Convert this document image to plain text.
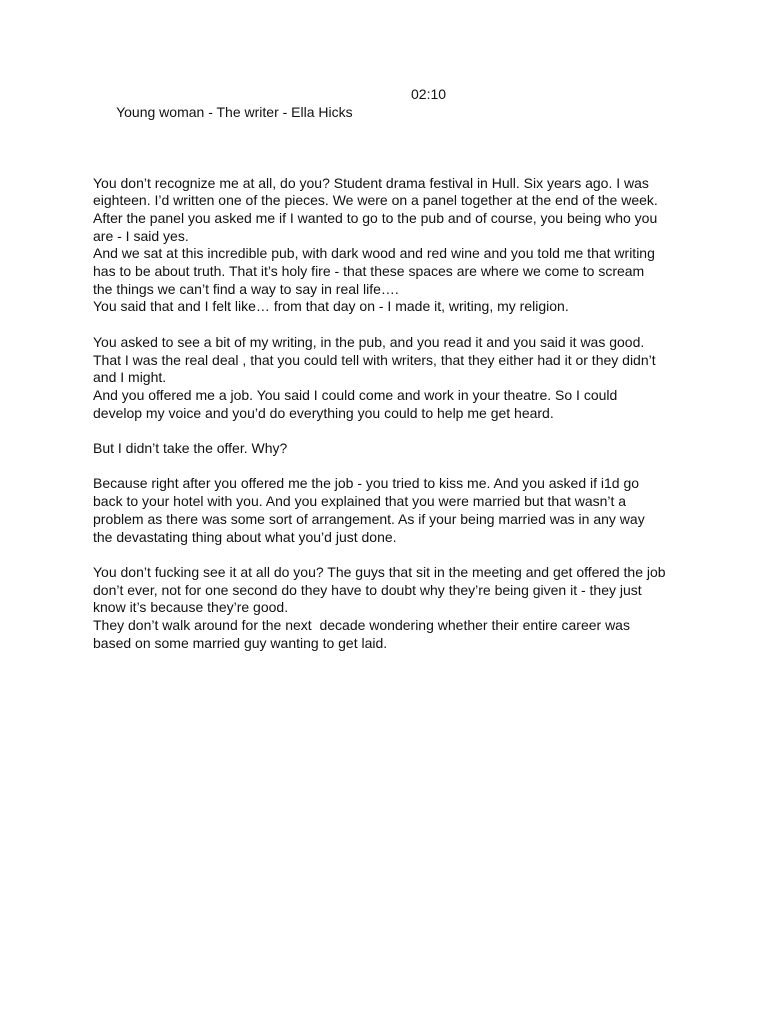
Young woman - The writer - Ella Hicks

02:10

You don’t recognize me at all, do you? Student drama festival in Hull. Six years ago. I was
eighteen. I’d written one of the pieces. We were on a panel together at the end of the week.
After the panel you asked me if I wanted to go to the pub and of course, you being who you
are - I said yes.
And we sat at this incredible pub, with dark wood and red wine and you told me that writing
has to be about truth. That it’s holy fire - that these spaces are where we come to scream
the things we can’t find a way to say in real life….
You said that and I felt like… from that day on - I made it, writing, my religion.
You asked to see a bit of my writing, in the pub, and you read it and you said it was good.
That I was the real deal , that you could tell with writers, that they either had it or they didn’t
and I might.
And you offered me a job. You said I could come and work in your theatre. So I could
develop my voice and you’d do everything you could to help me get heard.
But I didn’t take the offer. Why?
Because right after you offered me the job - you tried to kiss me. And you asked if i1d go
back to your hotel with you. And you explained that you were married but that wasn’t a
problem as there was some sort of arrangement. As if your being married was in any way
the devastating thing about what you’d just done.
You don’t fucking see it at all do you? The guys that sit in the meeting and get offered the job
don’t ever, not for one second do they have to doubt why they’re being given it - they just
know it’s because they’re good.
They don’t walk around for the next  decade wondering whether their entire career was
based on some married guy wanting to get laid.
